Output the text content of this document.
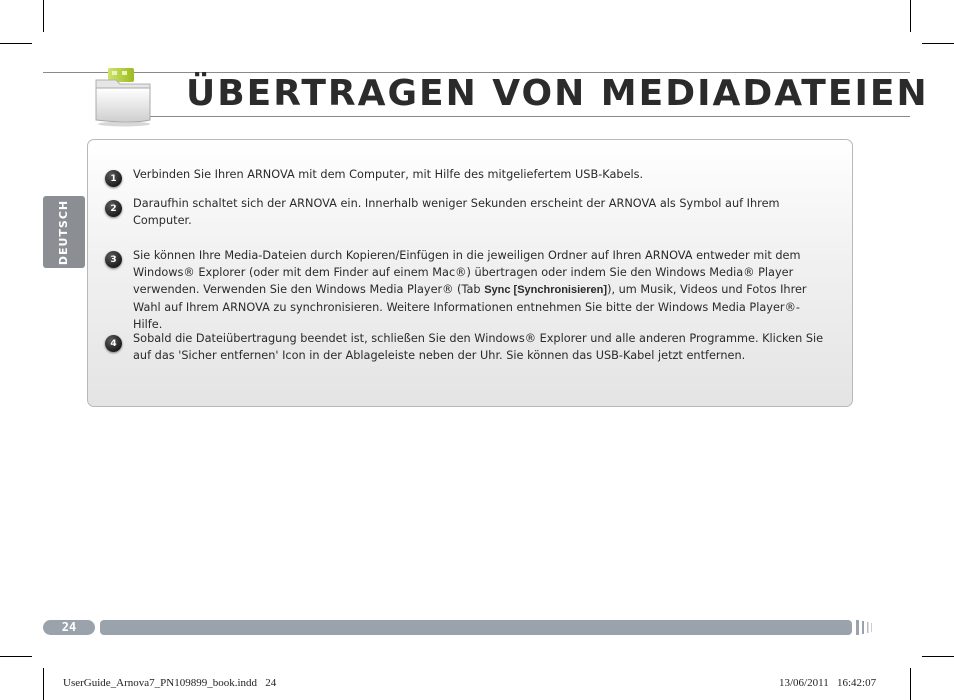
ÜBERTRAGEN VON MEDIADATEIEN
DEUTSCH
1	Verbinden Sie Ihren ARNOVA mit dem Computer, mit Hilfe des mitgeliefertem USB-Kabels.
2	Daraufhin schaltet sich der ARNOVA ein. Innerhalb weniger Sekunden erscheint der ARNOVA als Symbol auf Ihrem Computer.
3	Sie können Ihre Media-Dateien durch Kopieren/Einfügen in die jeweiligen Ordner auf Ihren ARNOVA entweder mit dem Windows® Explorer (oder mit dem Finder auf einem Mac®) übertragen oder indem Sie den Windows Media® Player verwenden. Verwenden Sie den Windows Media Player® (Tab Sync [Synchronisieren]), um Musik, Videos und Fotos Ihrer Wahl auf Ihrem ARNOVA zu synchronisieren. Weitere Informationen entnehmen Sie bitte der Windows Media Player®-Hilfe.
4	Sobald die Dateiübertragung beendet ist, schließen Sie den Windows® Explorer und alle anderen Programme. Klicken Sie auf das 'Sicher entfernen' Icon in der Ablageleiste neben der Uhr. Sie können das USB-Kabel jetzt entfernen.
24
UserGuide_Arnova7_PN109899_book.indd   24	13/06/2011   16:42:07
